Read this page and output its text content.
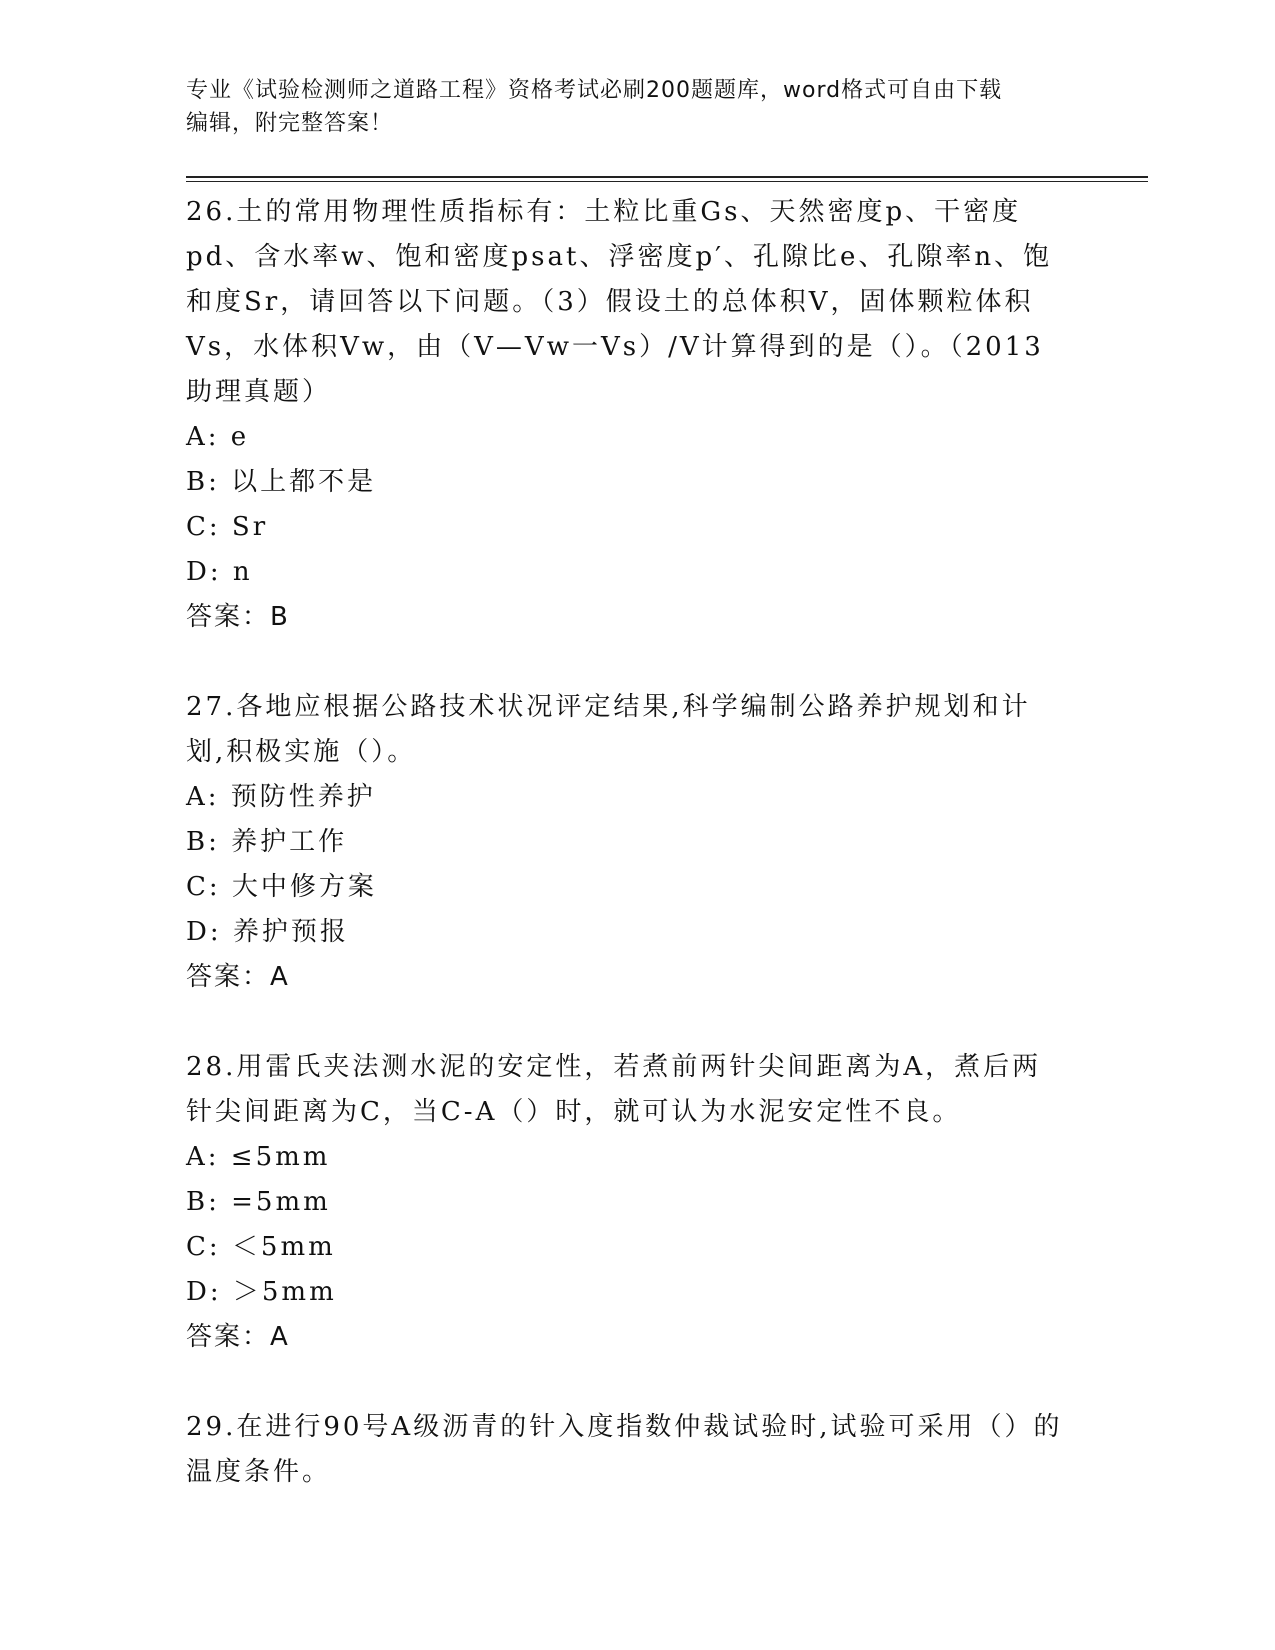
专业《试验检测师之道路工程》资格考试必刷200题题库，word格式可自由下载
编辑，附完整答案！

26.土的常用物理性质指标有：土粒比重Gs、天然密度p、干密度pd、含水率w、饱和密度psat、浮密度p′、孔隙比e、孔隙率n、饱和度Sr，请回答以下问题。（3）假设土的总体积V，固体颗粒体积Vs，水体积Vw，由（V—Vw一Vs）/V计算得到的是（）。（2013助理真题）

A: e

B: 以上都不是

C: Sr

D: n

答案：B

27.各地应根据公路技术状况评定结果,科学编制公路养护规划和计划,积极实施（）。

A: 预防性养护

B: 养护工作

C: 大中修方案

D: 养护预报

答案：A

28.用雷氏夹法测水泥的安定性，若煮前两针尖间距离为A，煮后两针尖间距离为C，当C-A（）时，就可认为水泥安定性不良。

A: ≤5mm

B: =5mm

C: ＜5mm

D: ＞5mm

答案：A

29.在进行90号A级沥青的针入度指数仲裁试验时,试验可采用（）的温度条件。
